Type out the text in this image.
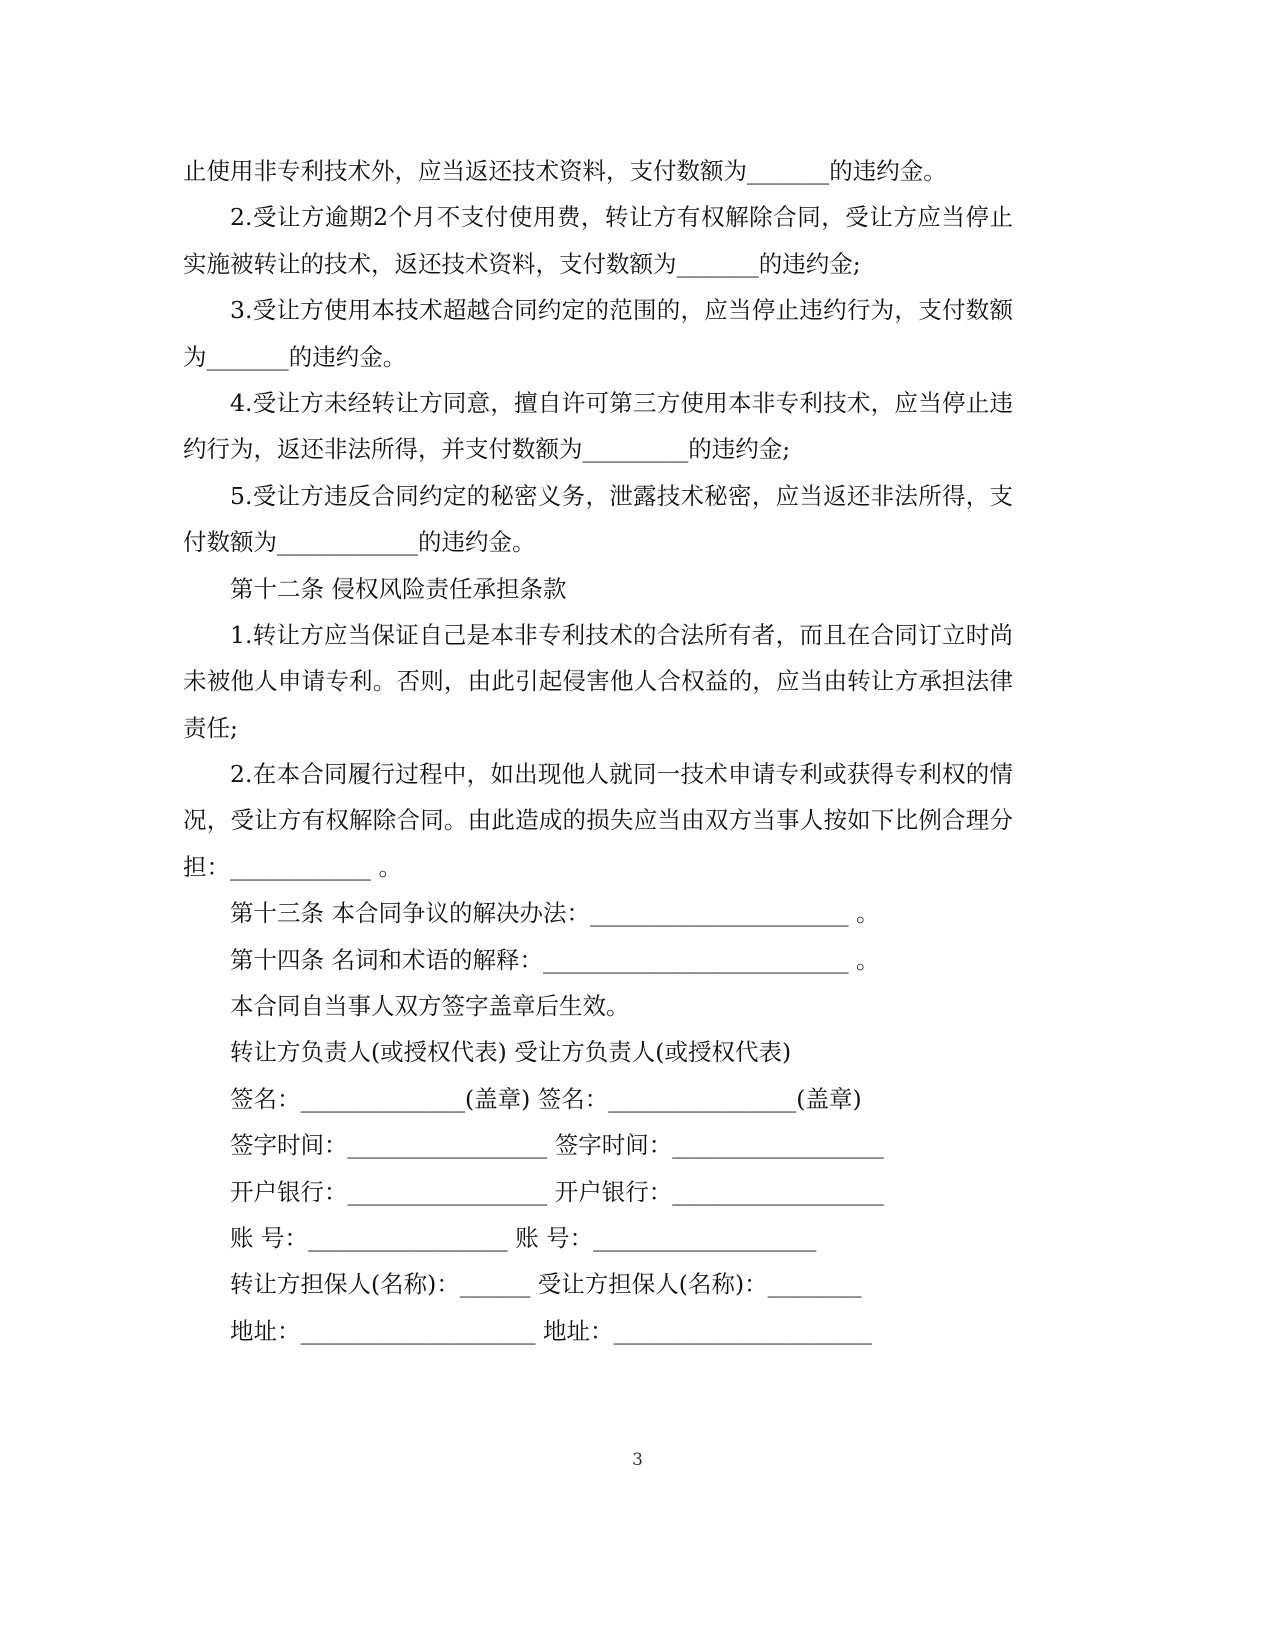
止使用非专利技术外，应当返还技术资料，支付数额为_______的违约金。
2.受让方逾期2个月不支付使用费，转让方有权解除合同，受让方应当停止
实施被转让的技术，返还技术资料，支付数额为_______的违约金;
3.受让方使用本技术超越合同约定的范围的，应当停止违约行为，支付数额
为_______的违约金。
4.受让方未经转让方同意，擅自许可第三方使用本非专利技术，应当停止违
约行为，返还非法所得，并支付数额为_________的违约金;
5.受让方违反合同约定的秘密义务，泄露技术秘密，应当返还非法所得，支
付数额为____________的违约金。
第十二条 侵权风险责任承担条款
1.转让方应当保证自己是本非专利技术的合法所有者，而且在合同订立时尚
未被他人申请专利。否则，由此引起侵害他人合权益的，应当由转让方承担法律
责任;
2.在本合同履行过程中，如出现他人就同一技术申请专利或获得专利权的情
况，受让方有权解除合同。由此造成的损失应当由双方当事人按如下比例合理分
担：____________ 。
第十三条 本合同争议的解决办法：______________________ 。
第十四条 名词和术语的解释：__________________________ 。
本合同自当事人双方签字盖章后生效。
转让方负责人(或授权代表) 受让方负责人(或授权代表)
签名：______________(盖章) 签名：________________(盖章)
签字时间：_________________ 签字时间：__________________
开户银行：_________________ 开户银行：__________________
账 号：_________________ 账 号：___________________
转让方担保人(名称)：______ 受让方担保人(名称)：________
地址：____________________ 地址：______________________
3
